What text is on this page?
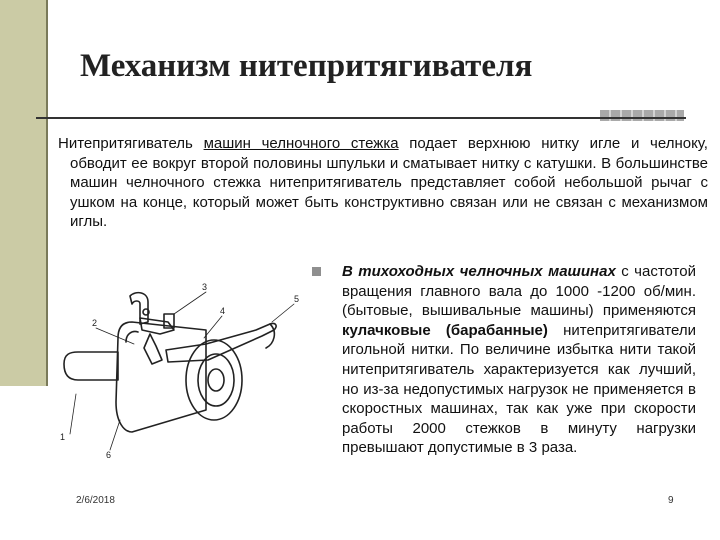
Механизм нитепритягивателя

Нитепритягиватель машин челночного стежка подает верхнюю нитку игле и челноку, обводит ее вокруг второй половины шпульки и сматывает нитку с катушки. В большинстве машин челночного стежка нитепритягиватель представляет собой небольшой рычаг с ушком на конце, который может быть конструктивно связан или не связан с механизмом иглы.

В тихоходных челночных машинах с частотой вращения главного вала до 1000 -1200 об/мин. (бытовые, вышивальные машины) применяются кулачковые (барабанные) нитепритягиватели игольной нитки. По величине избытка нити такой нитепритягиватель характеризуется как лучший, но из-за недопустимых нагрузок не применяется в скоростных машинах, так как уже при скорости работы 2000 стежков в минуту нагрузки превышают допустимые в 3 раза.

1
2
3
4
5
6
2/6/2018	9
